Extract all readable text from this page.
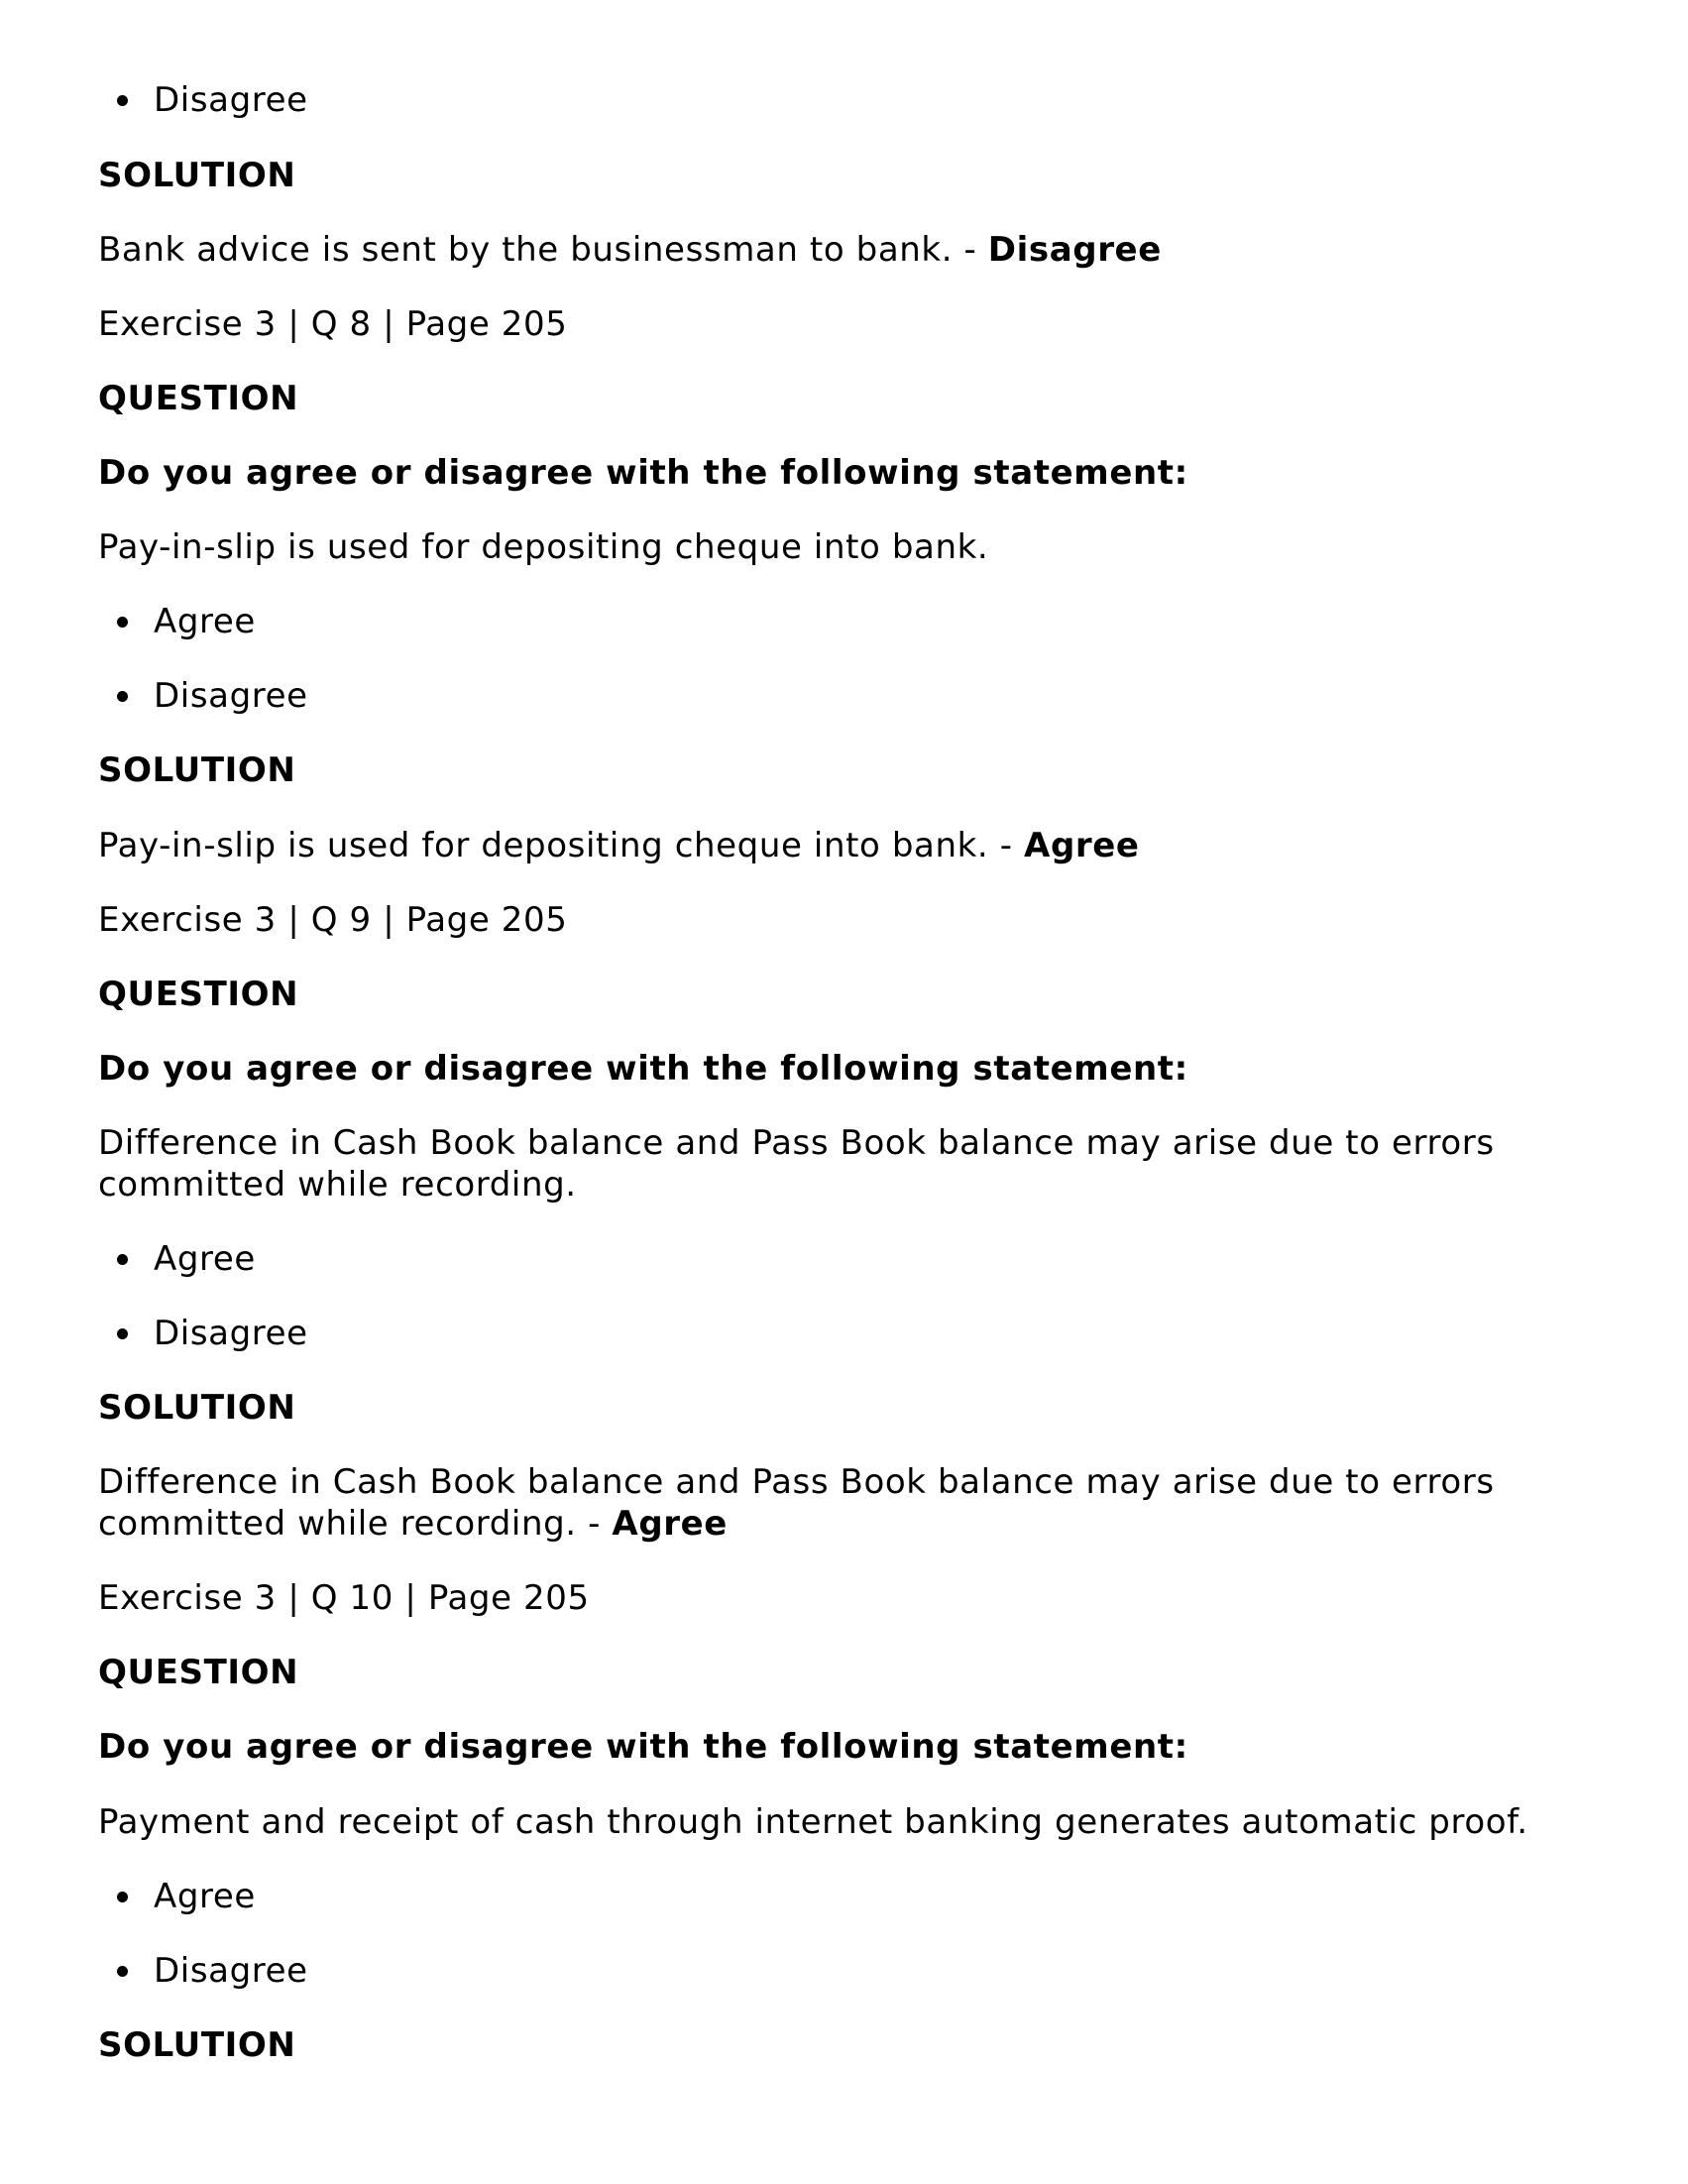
Disagree

SOLUTION

Bank advice is sent by the businessman to bank. - Disagree

Exercise 3 | Q 8 | Page 205

QUESTION

Do you agree or disagree with the following statement:

Pay-in-slip is used for depositing cheque into bank.

Agree
Disagree

SOLUTION

Pay-in-slip is used for depositing cheque into bank. - Agree

Exercise 3 | Q 9 | Page 205

QUESTION

Do you agree or disagree with the following statement:

Difference in Cash Book balance and Pass Book balance may arise due to errors

committed while recording.

Agree
Disagree

SOLUTION

Difference in Cash Book balance and Pass Book balance may arise due to errors

committed while recording. - Agree

Exercise 3 | Q 10 | Page 205

QUESTION

Do you agree or disagree with the following statement:

Payment and receipt of cash through internet banking generates automatic proof.

Agree
Disagree

SOLUTION
